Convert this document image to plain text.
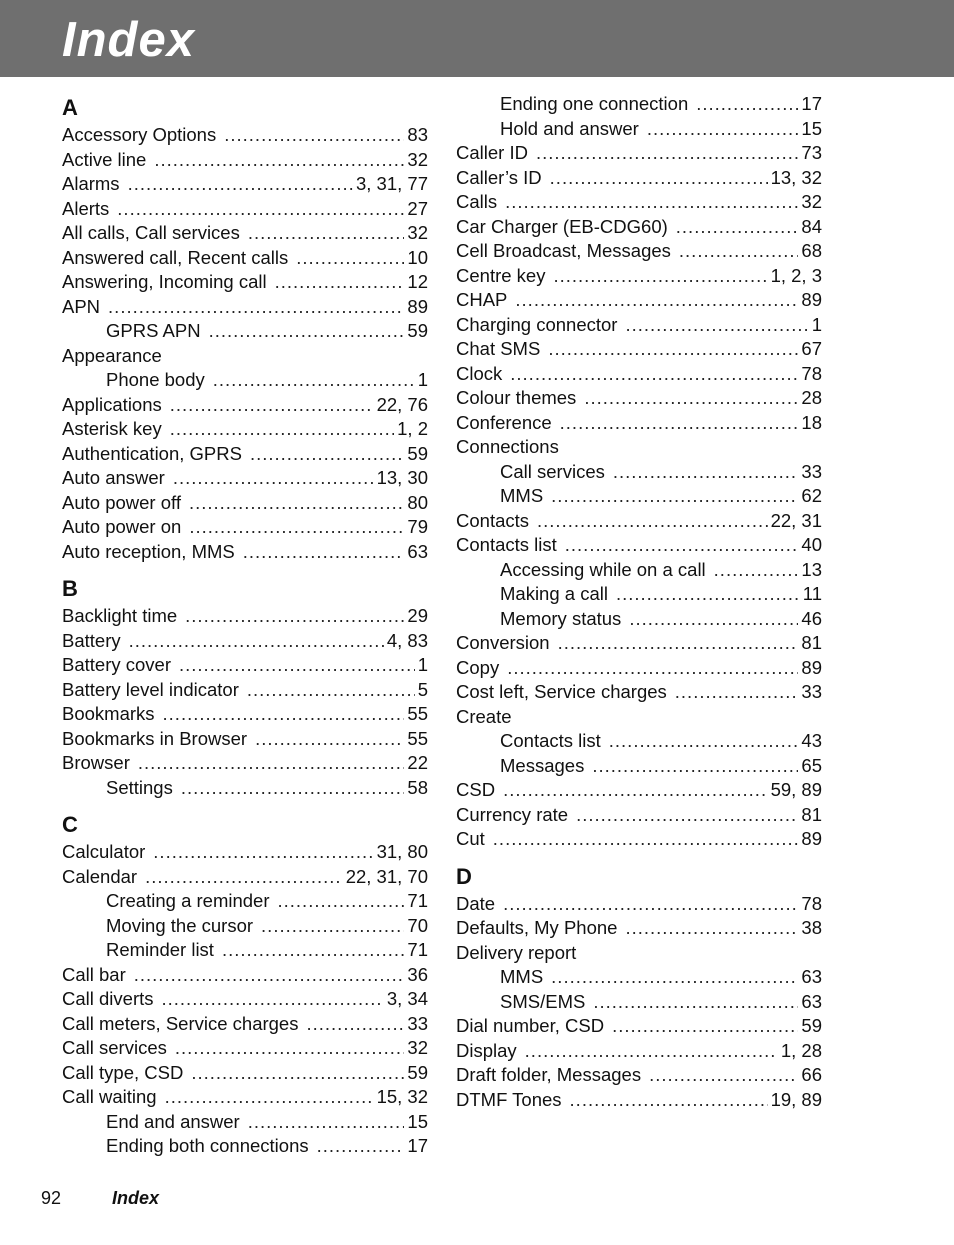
Index
A
Accessory Options .....	83
Active line .....	32
Alarms .....	3, 31, 77
Alerts .....	27
All calls, Call services .....	32
Answered call, Recent calls .....	10
Answering, Incoming call .....	12
APN .....	89
GPRS APN .....	59
Appearance
Phone body .....	1
Applications .....	22, 76
Asterisk key .....	1, 2
Authentication, GPRS .....	59
Auto answer .....	13, 30
Auto power off .....	80
Auto power on .....	79
Auto reception, MMS .....	63
B
Backlight time .....	29
Battery .....	4, 83
Battery cover .....	1
Battery level indicator .....	5
Bookmarks .....	55
Bookmarks in Browser .....	55
Browser .....	22
Settings .....	58
C
Calculator .....	31, 80
Calendar .....	22, 31, 70
Creating a reminder .....	71
Moving the cursor .....	70
Reminder list .....	71
Call bar .....	36
Call diverts .....	3, 34
Call meters, Service charges .....	33
Call services .....	32
Call type, CSD .....	59
Call waiting .....	15, 32
End and answer .....	15
Ending both connections .....	17
Ending one connection .....	17
Hold and answer .....	15
Caller ID .....	73
Caller’s ID .....	13, 32
Calls .....	32
Car Charger (EB-CDG60) .....	84
Cell Broadcast, Messages .....	68
Centre key .....	1, 2, 3
CHAP .....	89
Charging connector .....	1
Chat SMS .....	67
Clock .....	78
Colour themes .....	28
Conference .....	18
Connections
Call services .....	33
MMS .....	62
Contacts .....	22, 31
Contacts list .....	40
Accessing while on a call .....	13
Making a call .....	11
Memory status .....	46
Conversion .....	81
Copy .....	89
Cost left, Service charges .....	33
Create
Contacts list .....	43
Messages .....	65
CSD .....	59, 89
Currency rate .....	81
Cut .....	89
D
Date .....	78
Defaults, My Phone .....	38
Delivery report
MMS .....	63
SMS/EMS .....	63
Dial number, CSD .....	59
Display .....	1, 28
Draft folder, Messages .....	66
DTMF Tones .....	19, 89
92	Index
